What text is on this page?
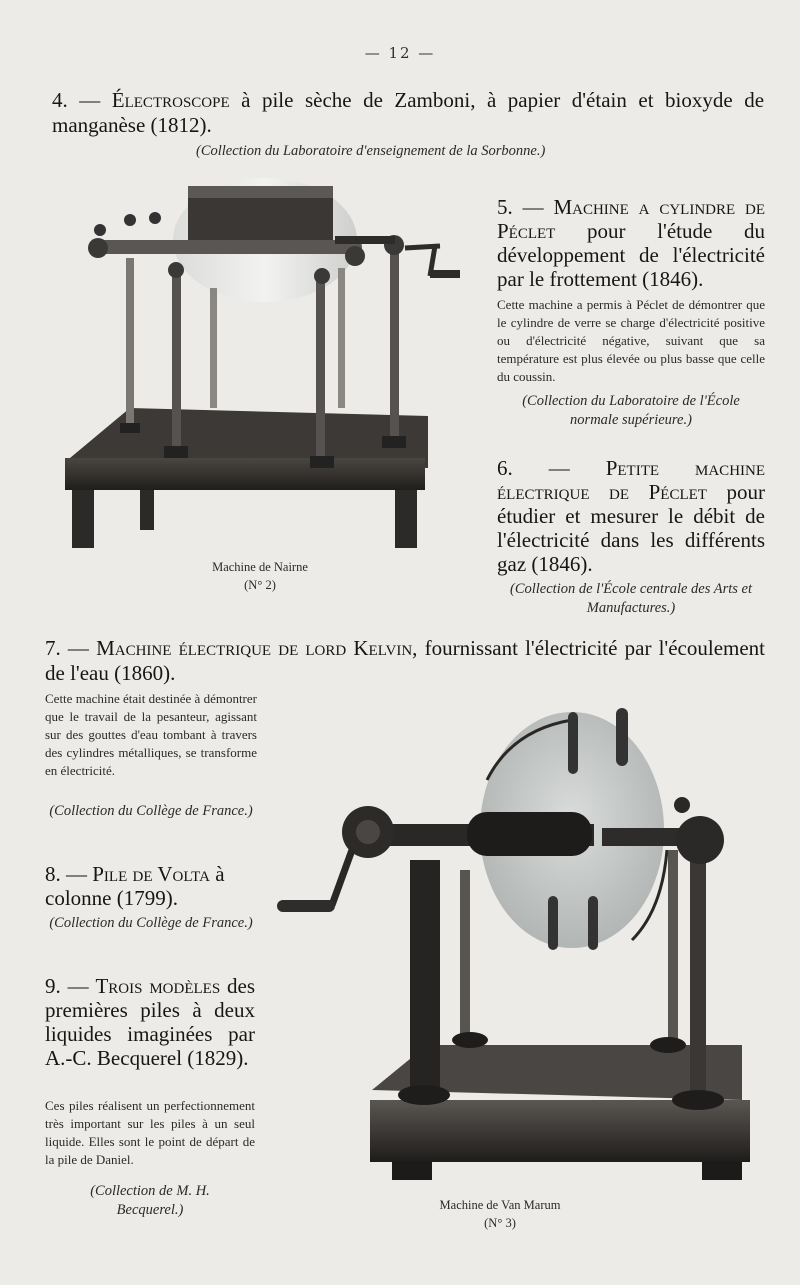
— 12 —
4. — Électroscope à pile sèche de Zamboni, à papier d'étain et bioxyde de manganèse (1812).
(Collection du Laboratoire d'enseignement de la Sorbonne.)
5. — Machine a cylindre de Péclet pour l'étude du développement de l'électricité par le frottement (1846).
Cette machine a permis à Péclet de démontrer que le cylindre de verre se charge d'électricité positive ou d'électricité négative, suivant que sa température est plus élevée ou plus basse que celle du coussin.
(Collection du Laboratoire de l'École normale supérieure.)
6. — Petite machine électrique de Péclet pour étudier et mesurer le débit de l'électricité dans les différents gaz (1846).
(Collection de l'École centrale des Arts et Manufactures.)
Machine de Nairne
(N° 2)
7. — Machine électrique de lord Kelvin, fournissant l'électricité par l'écoulement de l'eau (1860).
Cette machine était destinée à démontrer que le travail de la pesanteur, agissant sur des gouttes d'eau tombant à travers des cylindres métalliques, se transforme en électricité.
(Collection du Collège de France.)
8. — Pile de Volta à colonne (1799).
(Collection du Collège de France.)
9. — Trois modèles des premières piles à deux liquides imaginées par A.-C. Becquerel (1829).
Ces piles réalisent un perfectionnement très important sur les piles à un seul liquide. Elles sont le point de départ de la pile de Daniel.
(Collection de M. H. Becquerel.)	Machine de Van Marum
(N° 3)
